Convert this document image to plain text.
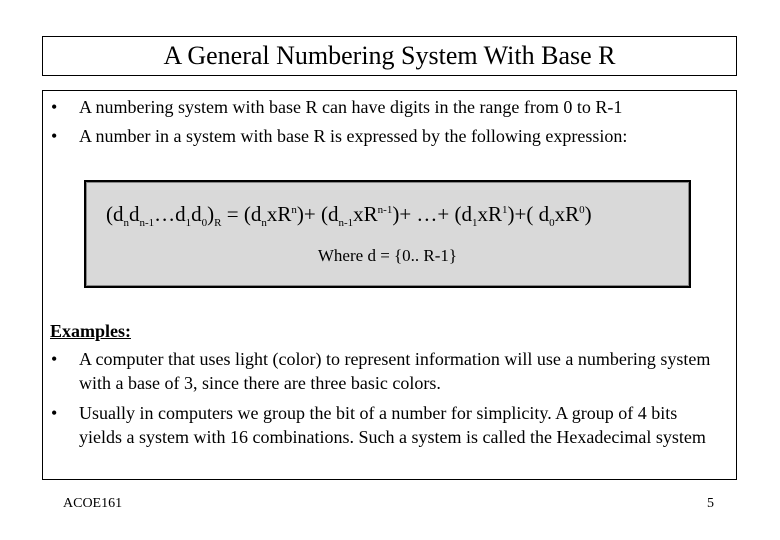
A General Numbering System With Base R
• A numbering system with base R can have digits in the range from 0 to R-1
• A number in a system with base R is expressed by the following expression:
$(d_nd_{n-1}\dots d_1d_0)_R = (d_nxR^n)+ (d_{n-1}xR^{n-1})+$ …+ $(d_1xR^1)+$( $d_0xR^0$)
Where d = {0.. R-1}
Examples:
• A computer that uses light (color) to represent information will use a numbering system with a base of 3, since there are three basic colors.
• Usually in computers we group the bit of a number for simplicity. A group of 4 bits yields a system with 16 combinations. Such a system is called the Hexadecimal system
ACOE161	5
